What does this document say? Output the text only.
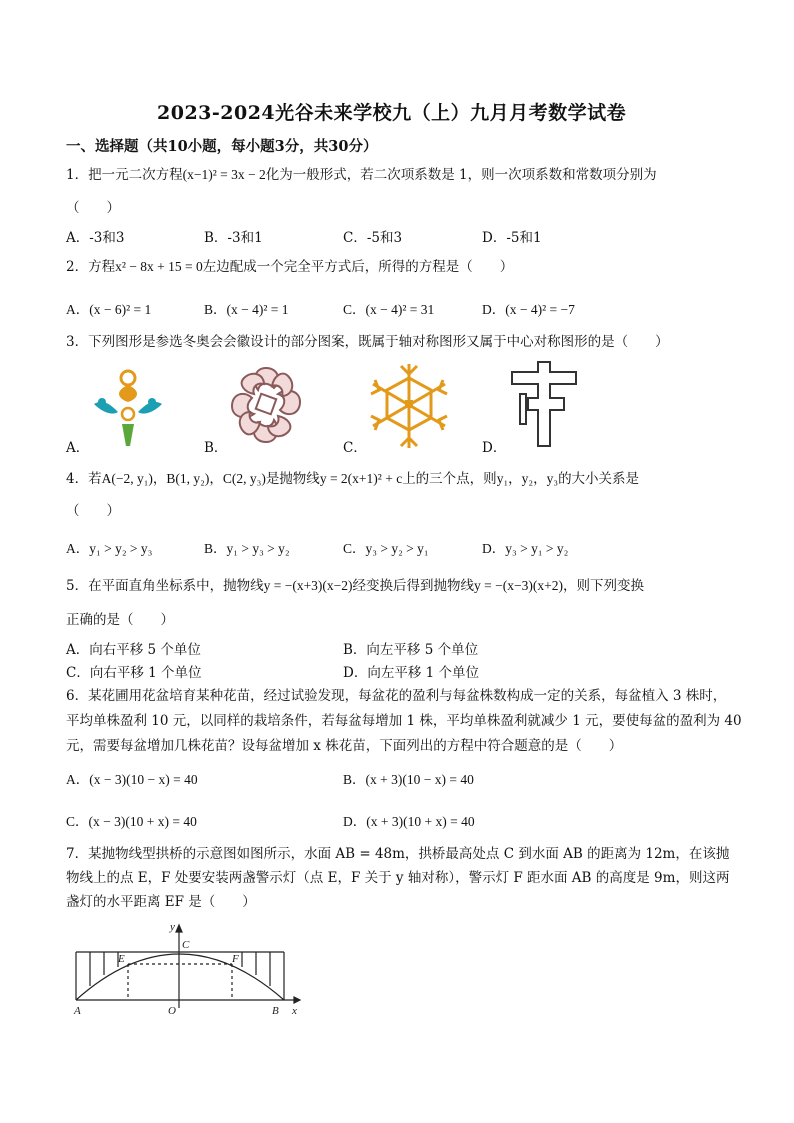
2023-2024光谷未来学校九（上）九月月考数学试卷
一、选择题（共10小题，每小题3分，共30分）
1．把一元二次方程(x−1)² = 3x − 2化为一般形式，若二次项系数是 1，则一次项系数和常数项分别为
（　　）
A．-3和3	B．-3和1	C．-5和3	D．-5和1
2．方程x² − 8x + 15 = 0左边配成一个完全平方式后，所得的方程是（　　）
A．(x − 6)² = 1	B．(x − 4)² = 1	C．(x − 4)² = 31	D．(x − 4)² = −7
3．下列图形是参选冬奥会会徽设计的部分图案，既属于轴对称图形又属于中心对称图形的是（　　）
A．	B．	C．	D．
4．若A(−2, y₁)，B(1, y₂)，C(2, y₃)是抛物线y = 2(x+1)² + c上的三个点，则y₁，y₂，y₃的大小关系是
（　　）
A．y₁ > y₂ > y₃	B．y₁ > y₃ > y₂	C．y₃ > y₂ > y₁	D．y₃ > y₁ > y₂
5．在平面直角坐标系中，抛物线y = −(x+3)(x−2)经变换后得到抛物线y = −(x−3)(x+2)，则下列变换
正确的是（　　）
A．向右平移 5 个单位	B．向左平移 5 个单位
C．向右平移 1 个单位	D．向左平移 1 个单位
6．某花圃用花盆培育某种花苗，经过试验发现，每盆花的盈利与每盆株数构成一定的关系，每盆植入 3 株时，
平均单株盈利 10 元，以同样的栽培条件，若每盆每增加 1 株，平均单株盈利就减少 1 元，要使每盆的盈利为 40
元，需要每盆增加几株花苗？设每盆增加 x 株花苗，下面列出的方程中符合题意的是（　　）
A．(x − 3)(10 − x) = 40	B．(x + 3)(10 − x) = 40
C．(x − 3)(10 + x) = 40	D．(x + 3)(10 + x) = 40
7．某抛物线型拱桥的示意图如图所示，水面 AB = 48m，拱桥最高处点 C 到水面 AB 的距离为 12m，在该抛
物线上的点 E，F 处要安装两盏警示灯（点 E，F 关于 y 轴对称），警示灯 F 距水面 AB 的高度是 9m，则这两
盏灯的水平距离 EF 是（　　）
y
C
E	F
A	O	B x
